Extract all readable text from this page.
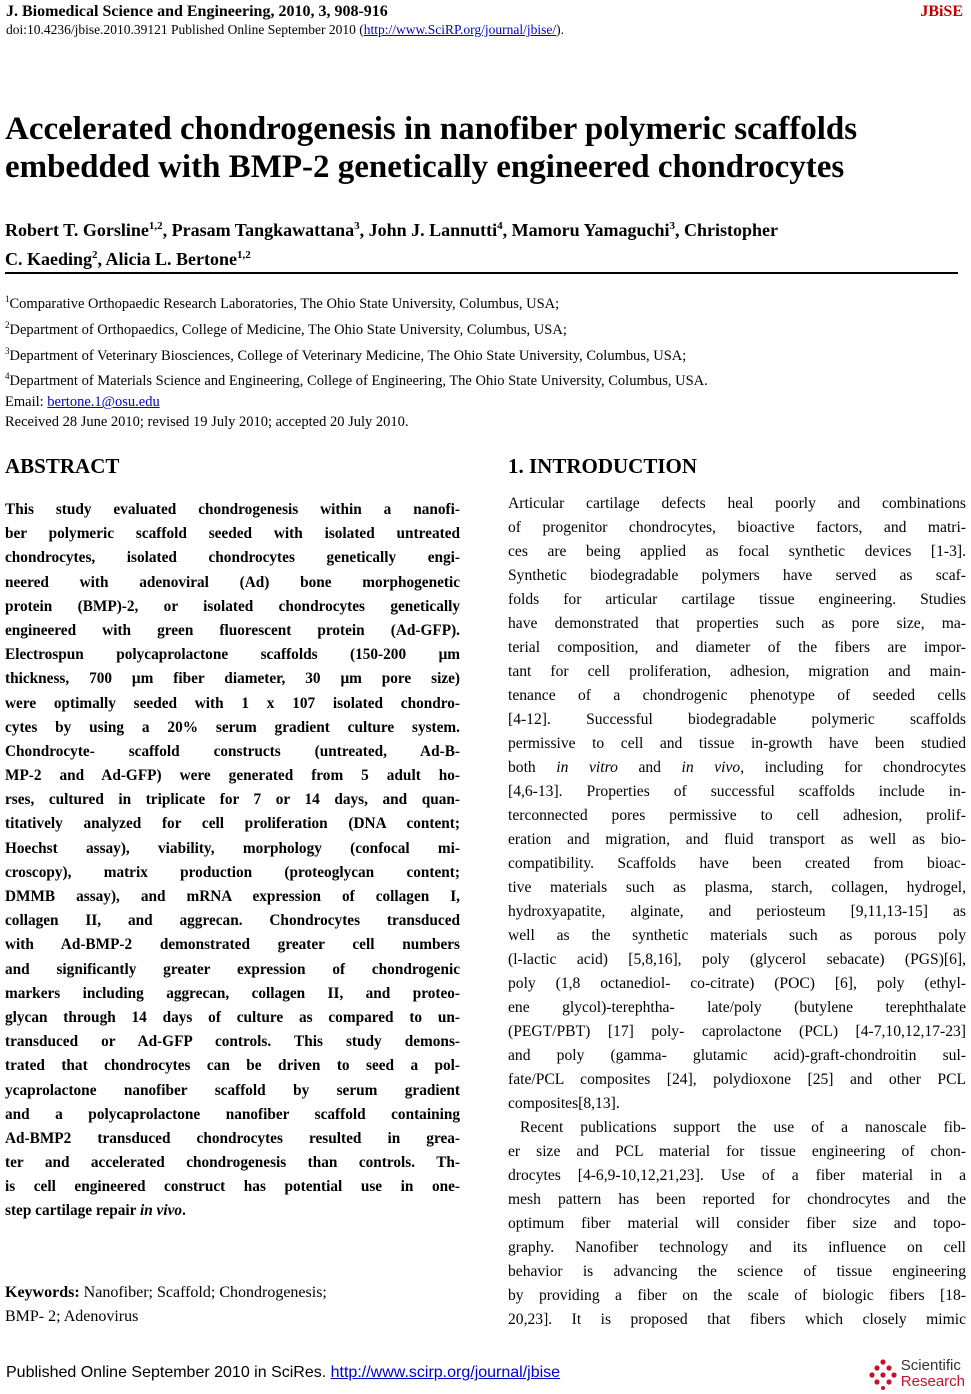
J. Biomedical Science and Engineering, 2010, 3, 908-916	JBiSE
doi:10.4236/jbise.2010.39121 Published Online September 2010 (http://www.SciRP.org/journal/jbise/).
Accelerated chondrogenesis in nanofiber polymeric scaffolds
embedded with BMP-2 genetically engineered chondrocytes
Robert T. Gorsline$^{1,2}$, Prasam Tangkawattana$^3$, John J. Lannutti$^4$, Mamoru Yamaguchi$^3$, Christopher
C. Kaeding$^2$, Alicia L. Bertone$^{1,2}$
$^1$Comparative Orthopaedic Research Laboratories, The Ohio State University, Columbus, USA;
$^2$Department of Orthopaedics, College of Medicine, The Ohio State University, Columbus, USA;
$^3$Department of Veterinary Biosciences, College of Veterinary Medicine, The Ohio State University, Columbus, USA;
$^4$Department of Materials Science and Engineering, College of Engineering, The Ohio State University, Columbus, USA.
Email: bertone.1@osu.edu
Received 28 June 2010; revised 19 July 2010; accepted 20 July 2010.
ABSTRACT	1. INTRODUCTION
This study evaluated chondrogenesis within a nanofi-
ber polymeric scaffold seeded with isolated untreated
chondrocytes, isolated chondrocytes genetically engi-
neered with adenoviral (Ad) bone morphogenetic
protein (BMP)-2, or isolated chondrocytes genetically
engineered with green fluorescent protein (Ad-GFP).
Electrospun polycaprolactone scaffolds (150-200 μm
thickness, 700 μm fiber diameter, 30 μm pore size)
were optimally seeded with 1 x 107 isolated chondro-
cytes by using a 20% serum gradient culture system.
Chondrocyte- scaffold constructs (untreated, Ad-B-
MP-2 and Ad-GFP) were generated from 5 adult ho-
rses, cultured in triplicate for 7 or 14 days, and quan-
titatively analyzed for cell proliferation (DNA content;
Hoechst assay), viability, morphology (confocal mi-
croscopy), matrix production (proteoglycan content;
DMMB assay), and mRNA expression of collagen I,
collagen II, and aggrecan. Chondrocytes transduced
with Ad-BMP-2 demonstrated greater cell numbers
and significantly greater expression of chondrogenic
markers including aggrecan, collagen II, and proteo-
glycan through 14 days of culture as compared to un-
transduced or Ad-GFP controls. This study demons-
trated that chondrocytes can be driven to seed a pol-
ycaprolactone nanofiber scaffold by serum gradient
and a polycaprolactone nanofiber scaffold containing
Ad-BMP2 transduced chondrocytes resulted in grea-
ter and accelerated chondrogenesis than controls. Th-
is cell engineered construct has potential use in one-
step cartilage repair in vivo.
Keywords: Nanofiber; Scaffold; Chondrogenesis;
BMP- 2; Adenovirus
Articular cartilage defects heal poorly and combinations
of progenitor chondrocytes, bioactive factors, and matri-
ces are being applied as focal synthetic devices [1-3].
Synthetic biodegradable polymers have served as scaf-
folds for articular cartilage tissue engineering. Studies
have demonstrated that properties such as pore size, ma-
terial composition, and diameter of the fibers are impor-
tant for cell proliferation, adhesion, migration and main-
tenance of a chondrogenic phenotype of seeded cells
[4-12]. Successful biodegradable polymeric scaffolds
permissive to cell and tissue in-growth have been studied
both in vitro and in vivo, including for chondrocytes
[4,6-13]. Properties of successful scaffolds include in-
terconnected pores permissive to cell adhesion, prolif-
eration and migration, and fluid transport as well as bio-
compatibility. Scaffolds have been created from bioac-
tive materials such as plasma, starch, collagen, hydrogel,
hydroxyapatite, alginate, and periosteum [9,11,13-15] as
well as the synthetic materials such as porous poly
(l-lactic acid) [5,8,16], poly (glycerol sebacate) (PGS)[6],
poly (1,8 octanediol- co-citrate) (POC) [6], poly (ethyl-
ene glycol)-terephtha- late/poly (butylene terephthalate
(PEGT/PBT) [17] poly- caprolactone (PCL) [4-7,10,12,17-23]
and poly (gamma- glutamic acid)-graft-chondroitin sul-
fate/PCL composites [24], polydioxone [25] and other PCL
composites[8,13].
Recent publications support the use of a nanoscale fib-
er size and PCL material for tissue engineering of chon-
drocytes [4-6,9-10,12,21,23]. Use of a fiber material in a
mesh pattern has been reported for chondrocytes and the
optimum fiber material will consider fiber size and topo-
graphy. Nanofiber technology and its influence on cell
behavior is advancing the science of tissue engineering
by providing a fiber on the scale of biologic fibers [18-
20,23]. It is proposed that fibers which closely mimic
Published Online September 2010 in SciRes. http://www.scirp.org/journal/jbise	Scientific
Research
